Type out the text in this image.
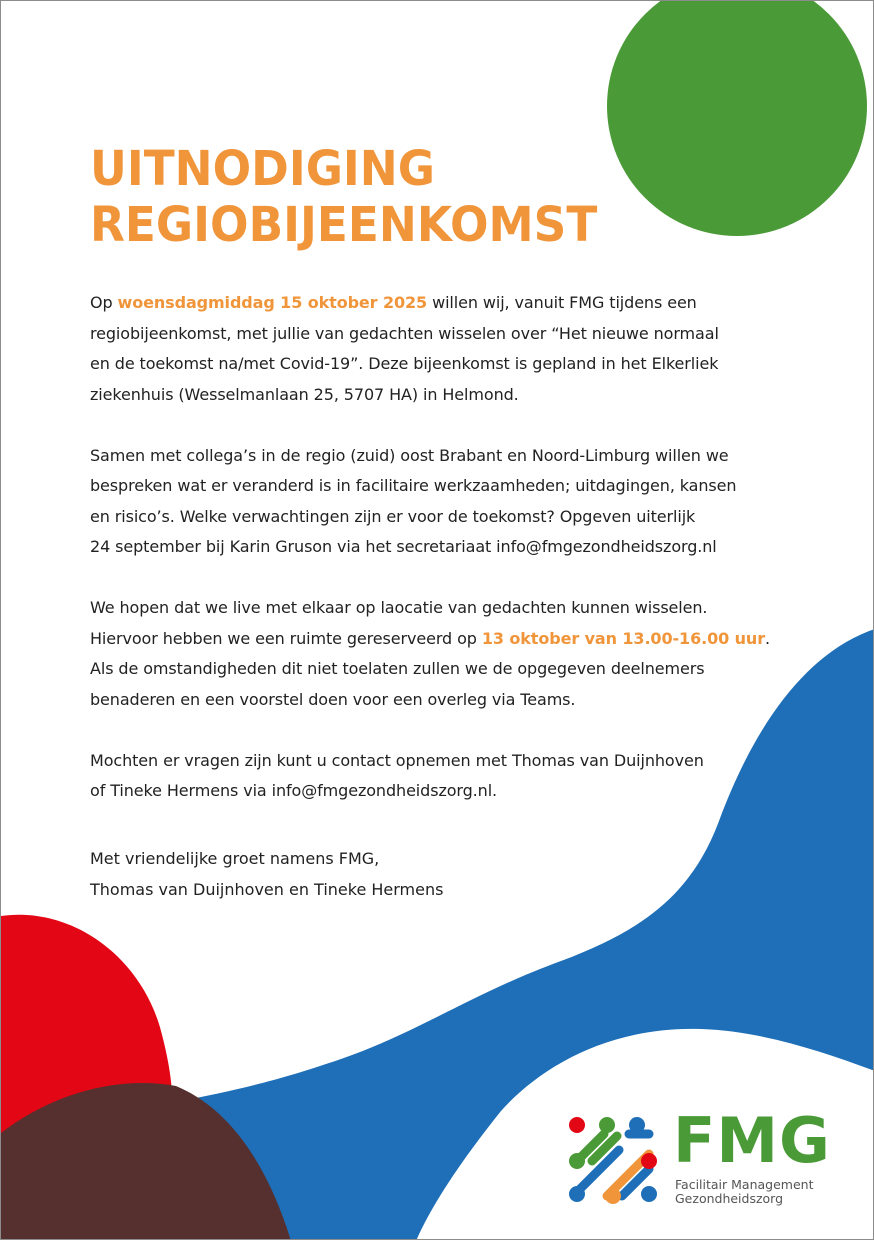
UITNODIGING
REGIOBIJEENKOMST

Op woensdagmiddag 15 oktober 2025 willen wij, vanuit FMG tijdens een
regiobijeenkomst, met jullie van gedachten wisselen over “Het nieuwe normaal
en de toekomst na/met Covid-19”. Deze bijeenkomst is gepland in het Elkerliek
ziekenhuis (Wesselmanlaan 25, 5707 HA) in Helmond.

Samen met collega’s in de regio (zuid) oost Brabant en Noord-Limburg willen we
bespreken wat er veranderd is in facilitaire werkzaamheden; uitdagingen, kansen
en risico’s. Welke verwachtingen zijn er voor de toekomst? Opgeven uiterlijk
24 september bij Karin Gruson via het secretariaat info@fmgezondheidszorg.nl

We hopen dat we live met elkaar op laocatie van gedachten kunnen wisselen.
Hiervoor hebben we een ruimte gereserveerd op 13 oktober van 13.00-16.00 uur.
Als de omstandigheden dit niet toelaten zullen we de opgegeven deelnemers
benaderen en een voorstel doen voor een overleg via Teams.

Mochten er vragen zijn kunt u contact opnemen met Thomas van Duijnhoven
of Tineke Hermens via info@fmgezondheidszorg.nl.

Met vriendelijke groet namens FMG,
Thomas van Duijnhoven en Tineke Hermens
FMG
Facilitair Management
Gezondheidszorg
